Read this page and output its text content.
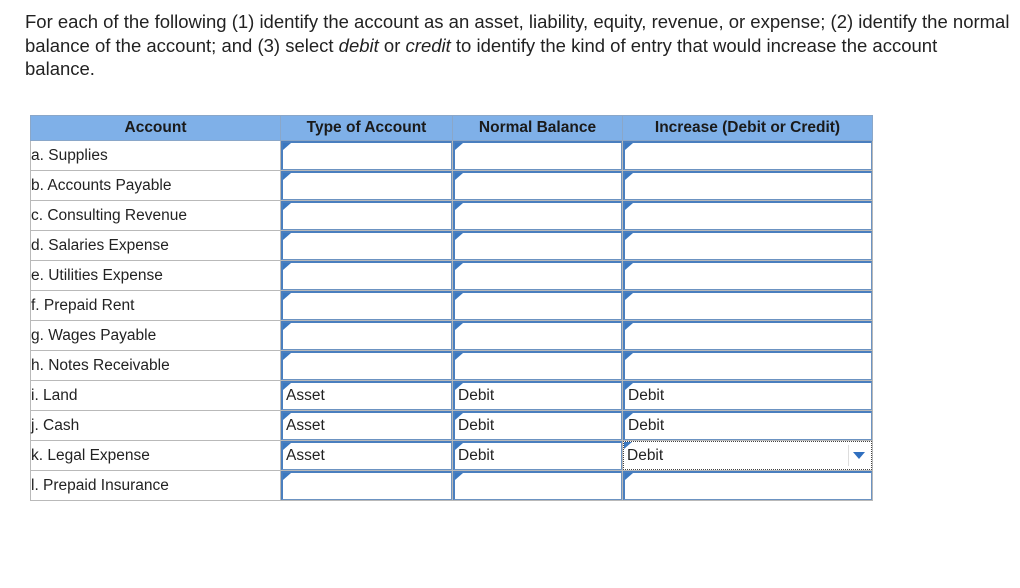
For each of the following (1) identify the account as an asset, liability, equity, revenue, or expense; (2) identify the normal balance of the account; and (3) select debit or credit to identify the kind of entry that would increase the account balance.
Account	Type of Account	Normal Balance	Increase (Debit or Credit)
a. Supplies	

b. Accounts Payable	

c. Consulting Revenue	

d. Salaries Expense	

e. Utilities Expense	

f. Prepaid Rent	

g. Wages Payable	

h. Notes Receivable	

i. Land	Asset	Debit	Debit

j. Cash	Asset	Debit	Debit

k. Legal Expense	Asset	Debit	Debit

l. Prepaid Insurance	
